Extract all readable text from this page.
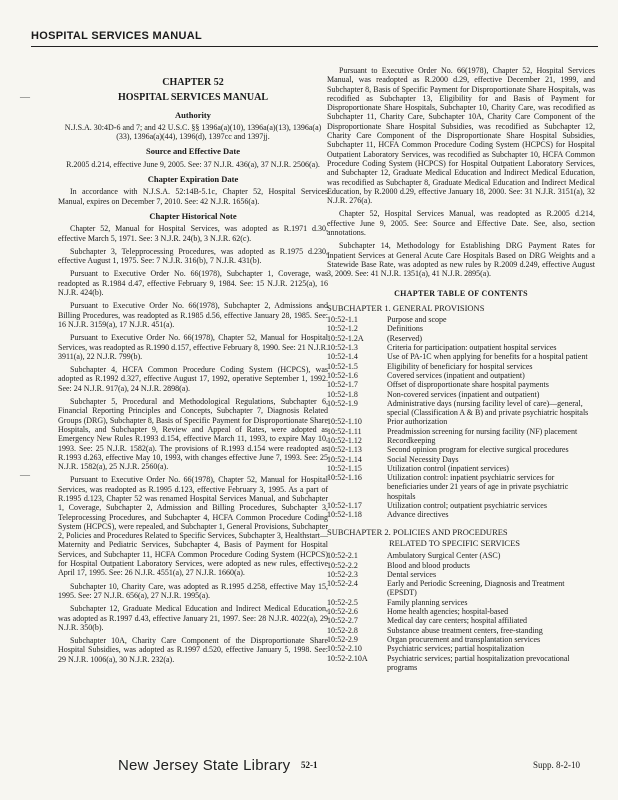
HOSPITAL SERVICES MANUAL
—
—
CHAPTER 52
HOSPITAL SERVICES MANUAL
Authority
N.J.S.A. 30:4D-6 and 7; and 42 U.S.C. §§ 1396a(a)(10), 1396a(a)(13), 1396a(a)(33), 1396a(a)(44), 1396(d), 1397cc and 1397jj.
Source and Effective Date
R.2005 d.214, effective June 9, 2005. See: 37 N.J.R. 436(a), 37 N.J.R. 2506(a).
Chapter Expiration Date
In accordance with N.J.S.A. 52:14B-5.1c, Chapter 52, Hospital Services Manual, expires on December 7, 2010. See: 42 N.J.R. 1656(a).
Chapter Historical Note
Chapter 52, Manual for Hospital Services, was adopted as R.1971 d.30, effective March 5, 1971. See: 3 N.J.R. 24(b), 3 N.J.R. 62(c).
Subchapter 3, Telepprocessing Procedures, was adopted as R.1975 d.230, effective August 1, 1975. See: 7 N.J.R. 316(b), 7 N.J.R. 431(b).
Pursuant to Executive Order No. 66(1978), Subchapter 1, Coverage, was readopted as R.1984 d.47, effective February 9, 1984. See: 15 N.J.R. 2125(a), 16 N.J.R. 424(b).
Pursuant to Executive Order No. 66(1978), Subchapter 2, Admissions and Billing Procedures, was readopted as R.1985 d.56, effective January 28, 1985. See: 16 N.J.R. 3159(a), 17 N.J.R. 451(a).
Pursuant to Executive Order No. 66(1978), Chapter 52, Manual for Hospital Services, was readopted as R.1990 d.157, effective February 8, 1990. See: 21 N.J.R. 3911(a), 22 N.J.R. 799(b).
Subchapter 4, HCFA Common Procedure Coding System (HCPCS), was adopted as R.1992 d.327, effective August 17, 1992, operative September 1, 1992. See: 24 N.J.R. 917(a), 24 N.J.R. 2898(a).
Subchapter 5, Procedural and Methodological Regulations, Subchapter 6, Financial Reporting Principles and Concepts, Subchapter 7, Diagnosis Related Groups (DRG), Subchapter 8, Basis of Specific Payment for Disproportionate Share Hospitals, and Subchapter 9, Review and Appeal of Rates, were adopted as Emergency New Rules R.1993 d.154, effective March 11, 1993, to expire May 10, 1993. See: 25 N.J.R. 1582(a). The provisions of R.1993 d.154 were readopted as R.1993 d.263, effective May 10, 1993, with changes effective June 7, 1993. See: 25 N.J.R. 1582(a), 25 N.J.R. 2560(a).
Pursuant to Executive Order No. 66(1978), Chapter 52, Manual for Hospital Services, was readopted as R.1995 d.123, effective February 3, 1995. As a part of R.1995 d.123, Chapter 52 was renamed Hospital Services Manual, and Subchapter 1, Coverage, Subchapter 2, Admission and Billing Procedures, Subchapter 3, Teleprocessing Procedures, and Subchapter 4, HCFA Common Procedure Coding System (HCPCS), were repealed, and Subchapter 1, General Provisions, Subchapter 2, Policies and Procedures Related to Specific Services, Subchapter 3, Healthstart—Maternity and Pediatric Services, Subchapter 4, Basis of Payment for Hospital Services, and Subchapter 11, HCFA Common Procedure Coding System (HCPCS) for Hospital Outpatient Laboratory Services, were adopted as new rules, effective April 17, 1995. See: 26 N.J.R. 4551(a), 27 N.J.R. 1660(a).
Subchapter 10, Charity Care, was adopted as R.1995 d.258, effective May 15, 1995. See: 27 N.J.R. 656(a), 27 N.J.R. 1995(a).
Subchapter 12, Graduate Medical Education and Indirect Medical Education, was adopted as R.1997 d.43, effective January 21, 1997. See: 28 N.J.R. 4022(a), 29 N.J.R. 350(b).
Subchapter 10A, Charity Care Component of the Disproportionate Share Hospital Subsidies, was adopted as R.1997 d.520, effective January 5, 1998. See: 29 N.J.R. 1006(a), 30 N.J.R. 232(a).
Pursuant to Executive Order No. 66(1978), Chapter 52, Hospital Services Manual, was readopted as R.2000 d.29, effective December 21, 1999, and Subchapter 8, Basis of Specific Payment for Disproportionate Share Hospitals, was recodified as Subchapter 13, Eligibility for and Basis of Payment for Disproportionate Share Hospitals, Subchapter 10, Charity Care, was recodified as Subchapter 11, Charity Care, Subchapter 10A, Charity Care Component of the Disproportionate Share Hospital Subsidies, was recodified as Subchapter 12, Charity Care Component of the Disproportionate Share Hospital Subsidies, Subchapter 11, HCFA Common Procedure Coding System (HCPCS) for Hospital Outpatient Laboratory Services, was recodified as Subchapter 10, HCFA Common Procedure Coding System (HCPCS) for Hospital Outpatient Laboratory Services, and Subchapter 12, Graduate Medical Education and Indirect Medical Education, was recodified as Subchapter 8, Graduate Medical Education and Indirect Medical Education, by R.2000 d.29, effective January 18, 2000. See: 31 N.J.R. 3151(a), 32 N.J.R. 276(a).
Chapter 52, Hospital Services Manual, was readopted as R.2005 d.214, effective June 9, 2005. See: Source and Effective Date. See, also, section annotations.
Subchapter 14, Methodology for Establishing DRG Payment Rates for Inpatient Services at General Acute Care Hospitals Based on DRG Weights and a Statewide Base Rate, was adopted as new rules by R.2009 d.249, effective August 3, 2009. See: 41 N.J.R. 1351(a), 41 N.J.R. 2895(a).
CHAPTER TABLE OF CONTENTS
SUBCHAPTER 1. GENERAL PROVISIONS
10:52-1.1	Purpose and scope
10:52-1.2	Definitions
10:52-1.2A	(Reserved)
10:52-1.3	Criteria for participation: outpatient hospital services
10:52-1.4	Use of PA-1C when applying for benefits for a hospital patient
10:52-1.5	Eligibility of beneficiary for hospital services
10:52-1.6	Covered services (inpatient and outpatient)
10:52-1.7	Offset of disproportionate share hospital payments
10:52-1.8	Non-covered services (inpatient and outpatient)
10:52-1.9	Administrative days (nursing facility level of care)—general, special (Classification A & B) and private psychiatric hospitals
10:52-1.10	Prior authorization
10:52-1.11	Preadmission screening for nursing facility (NF) placement
10:52-1.12	Recordkeeping
10:52-1.13	Second opinion program for elective surgical procedures
10:52-1.14	Social Necessity Days
10:52-1.15	Utilization control (inpatient services)
10:52-1.16	Utilization control: inpatient psychiatric services for beneficiaries under 21 years of age in private psychiatric hospitals
10:52-1.17	Utilization control; outpatient psychiatric services
10:52-1.18	Advance directives
SUBCHAPTER 2. POLICIES AND PROCEDURES
RELATED TO SPECIFIC SERVICES
10:52-2.1	Ambulatory Surgical Center (ASC)
10:52-2.2	Blood and blood products
10:52-2.3	Dental services
10:52-2.4	Early and Periodic Screening, Diagnosis and Treatment (EPSDT)
10:52-2.5	Family planning services
10:52-2.6	Home health agencies; hospital-based
10:52-2.7	Medical day care centers; hospital affiliated
10:52-2.8	Substance abuse treatment centers, free-standing
10:52-2.9	Organ procurement and transplantation services
10:52-2.10	Psychiatric services; partial hospitalization
10:52-2.10A	Psychiatric services; partial hospitalization prevocational programs
New Jersey State Library 52-1	Supp. 8-2-10
